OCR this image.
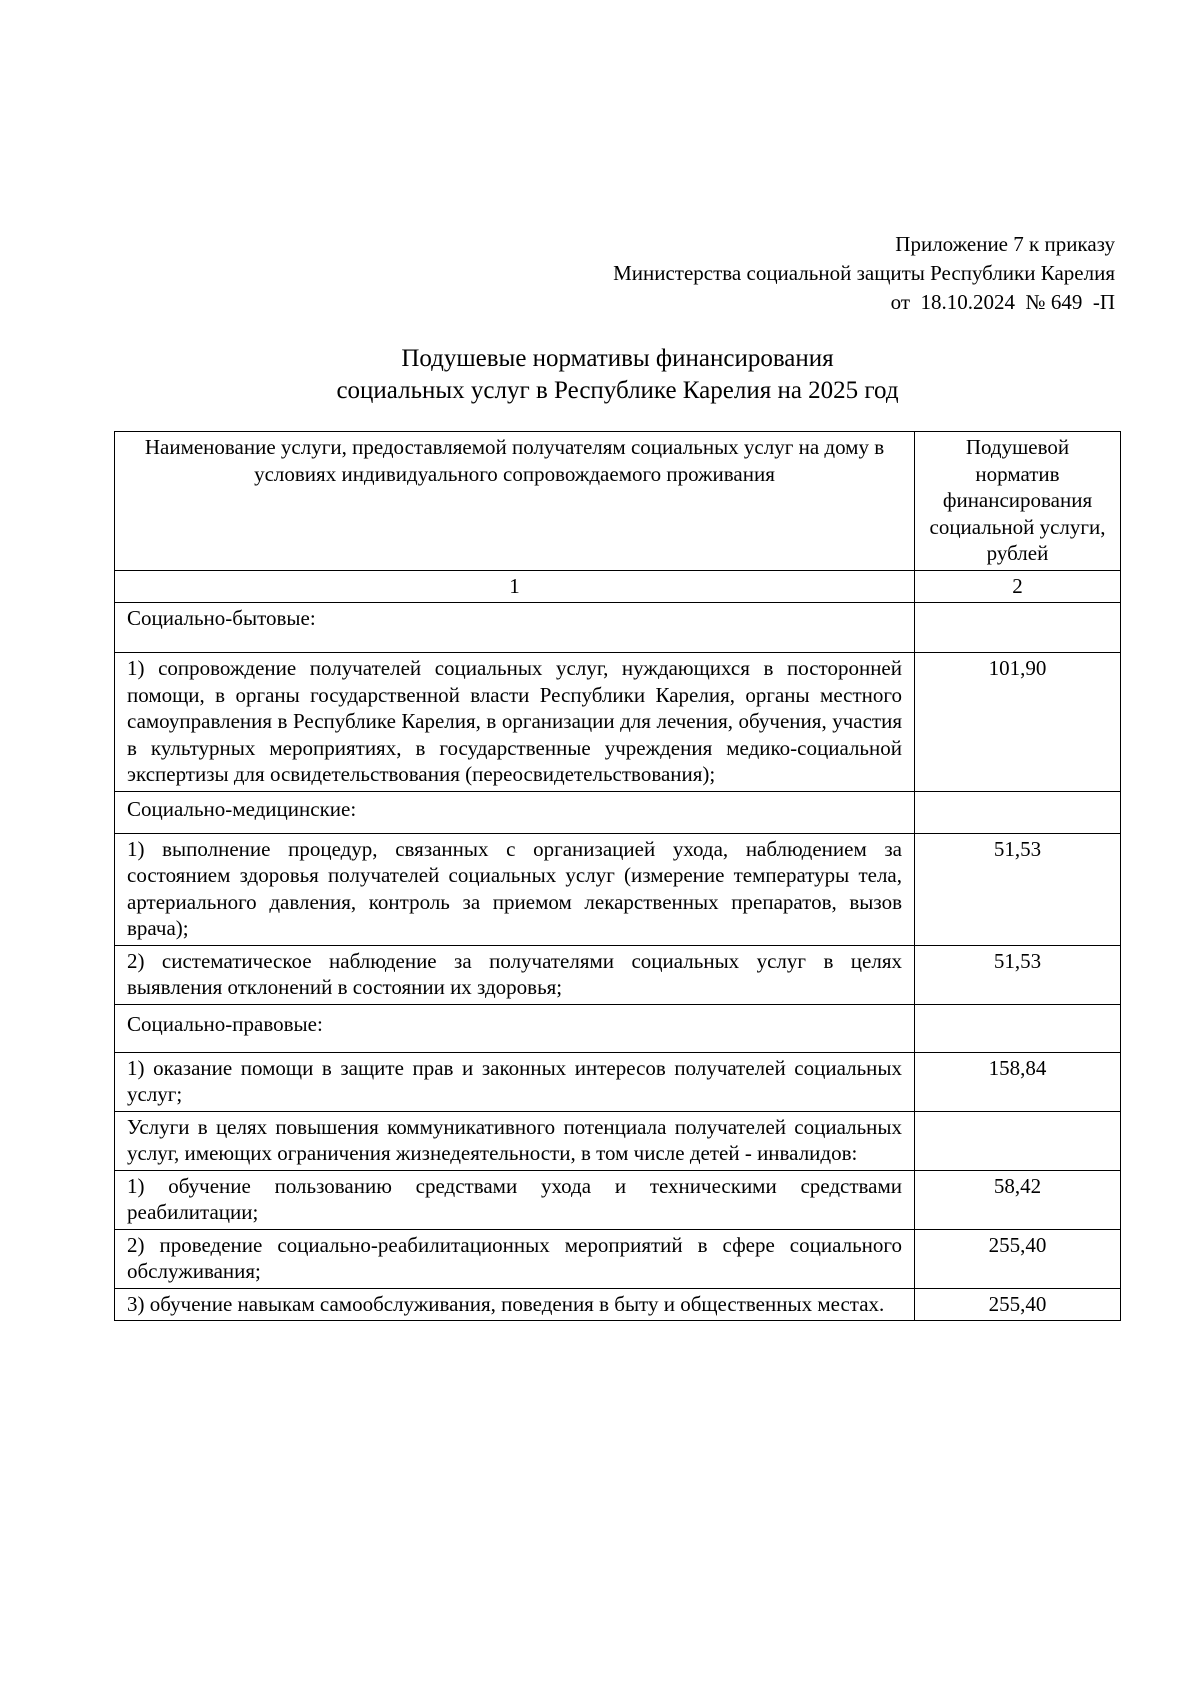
Приложение 7 к приказу
Министерства социальной защиты Республики Карелия
от  18.10.2024  № 649  -П
Подушевые нормативы финансирования
социальных услуг в Республике Карелия на 2025 год
Наименование услуги, предоставляемой получателям социальных услуг на дому в условиях индивидуального сопровождаемого проживания	Подушевой норматив финансирования социальной услуги, рублей
1	2
Социально-бытовые:	
1) сопровождение получателей социальных услуг, нуждающихся в посторонней помощи, в органы государственной власти Республики Карелия, органы местного самоуправления в Республике Карелия, в организации для лечения, обучения, участия в культурных мероприятиях, в государственные учреждения медико-социальной экспертизы для освидетельствования (переосвидетельствования);	101,90
Социально-медицинские:	
1) выполнение процедур, связанных с организацией ухода, наблюдением за состоянием здоровья получателей социальных услуг (измерение температуры тела, артериального давления, контроль за приемом лекарственных препаратов, вызов врача);	51,53
2) систематическое наблюдение за получателями социальных услуг в целях выявления отклонений в состоянии их здоровья;	51,53
Социально-правовые:	
1) оказание помощи в защите прав и законных интересов получателей социальных услуг;	158,84
Услуги в целях повышения коммуникативного потенциала получателей социальных услуг, имеющих ограничения жизнедеятельности, в том числе детей - инвалидов:	
1) обучение пользованию средствами ухода и техническими средствами реабилитации;	58,42
2) проведение социально-реабилитационных мероприятий в сфере социального обслуживания;	255,40
3) обучение навыкам самообслуживания, поведения в быту и общественных местах.	255,40
